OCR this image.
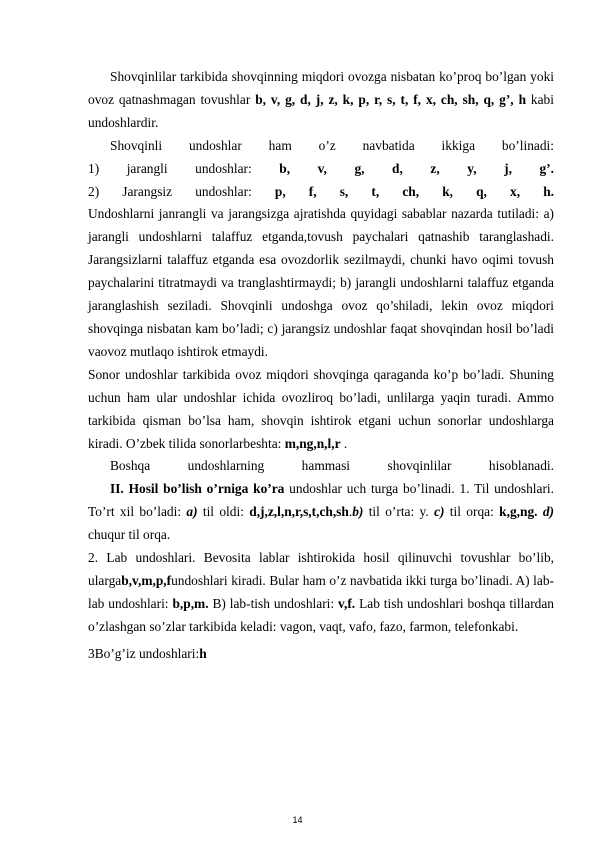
Shovqinlilar tarkibida shovqinning miqdori ovozga nisbatan ko’proq bo’lgan yoki ovoz qatnashmagan tovushlar b, v, g, d, j, z, k, p, r, s, t, f, x, ch, sh, q, g’, h kabi undoshlardir.

Shovqinli undoshlar ham o’z navbatida ikkiga bo’linadi:

1) jarangli undoshlar: b, v, g, d, z, y, j, g’.

2) Jarangsiz undoshlar: p, f, s, t, ch, k, q, x, h.

Undoshlarni janrangli va jarangsizga ajratishda quyidagi sabablar nazarda tutiladi: a) jarangli undoshlarni talaffuz etganda,tovush paychalari qatnashib taranglashadi. Jarangsizlarni talaffuz etganda esa ovozdorlik sezilmaydi, chunki havo oqimi tovush paychalarini titratmaydi va tranglashtirmaydi; b) jarangli undoshlarni talaffuz etganda jaranglashish seziladi. Shovqinli undoshga ovoz qo’shiladi, lekin ovoz miqdori shovqinga nisbatan kam bo’ladi; c) jarangsiz undoshlar faqat shovqindan hosil bo’ladi vaovoz mutlaqo ishtirok etmaydi.

Sonor undoshlar tarkibida ovoz miqdori shovqinga qaraganda ko’p bo’ladi. Shuning uchun ham ular undoshlar ichida ovozliroq bo’ladi, unlilarga yaqin turadi. Ammo tarkibida qisman bo’lsa ham, shovqin ishtirok etgani uchun sonorlar undoshlarga kiradi. O’zbek tilida sonorlarbeshta: m,ng,n,l,r .

Boshqa undoshlarning hammasi shovqinlilar hisoblanadi.

II. Hosil bo’lish o’rniga ko’ra undoshlar uch turga bo’linadi. 1. Til undoshlari. To’rt xil bo’ladi: a) til oldi: d,j,z,l,n,r,s,t,ch,sh.b) til o’rta: y. c) til orqa: k,g,ng. d) chuqur til orqa.

2. Lab undoshlari. Bevosita lablar ishtirokida hosil qilinuvchi tovushlar bo’lib, ulargab,v,m,p,fundoshlari kiradi. Bular ham o’z navbatida ikki turga bo’linadi. A) lab-lab undoshlari: b,p,m. B) lab-tish undoshlari: v,f. Lab tish undoshlari boshqa tillardan o’zlashgan so’zlar tarkibida keladi: vagon, vaqt, vafo, fazo, farmon, telefonkabi.

3Bo’g’iz undoshlari:h

14
